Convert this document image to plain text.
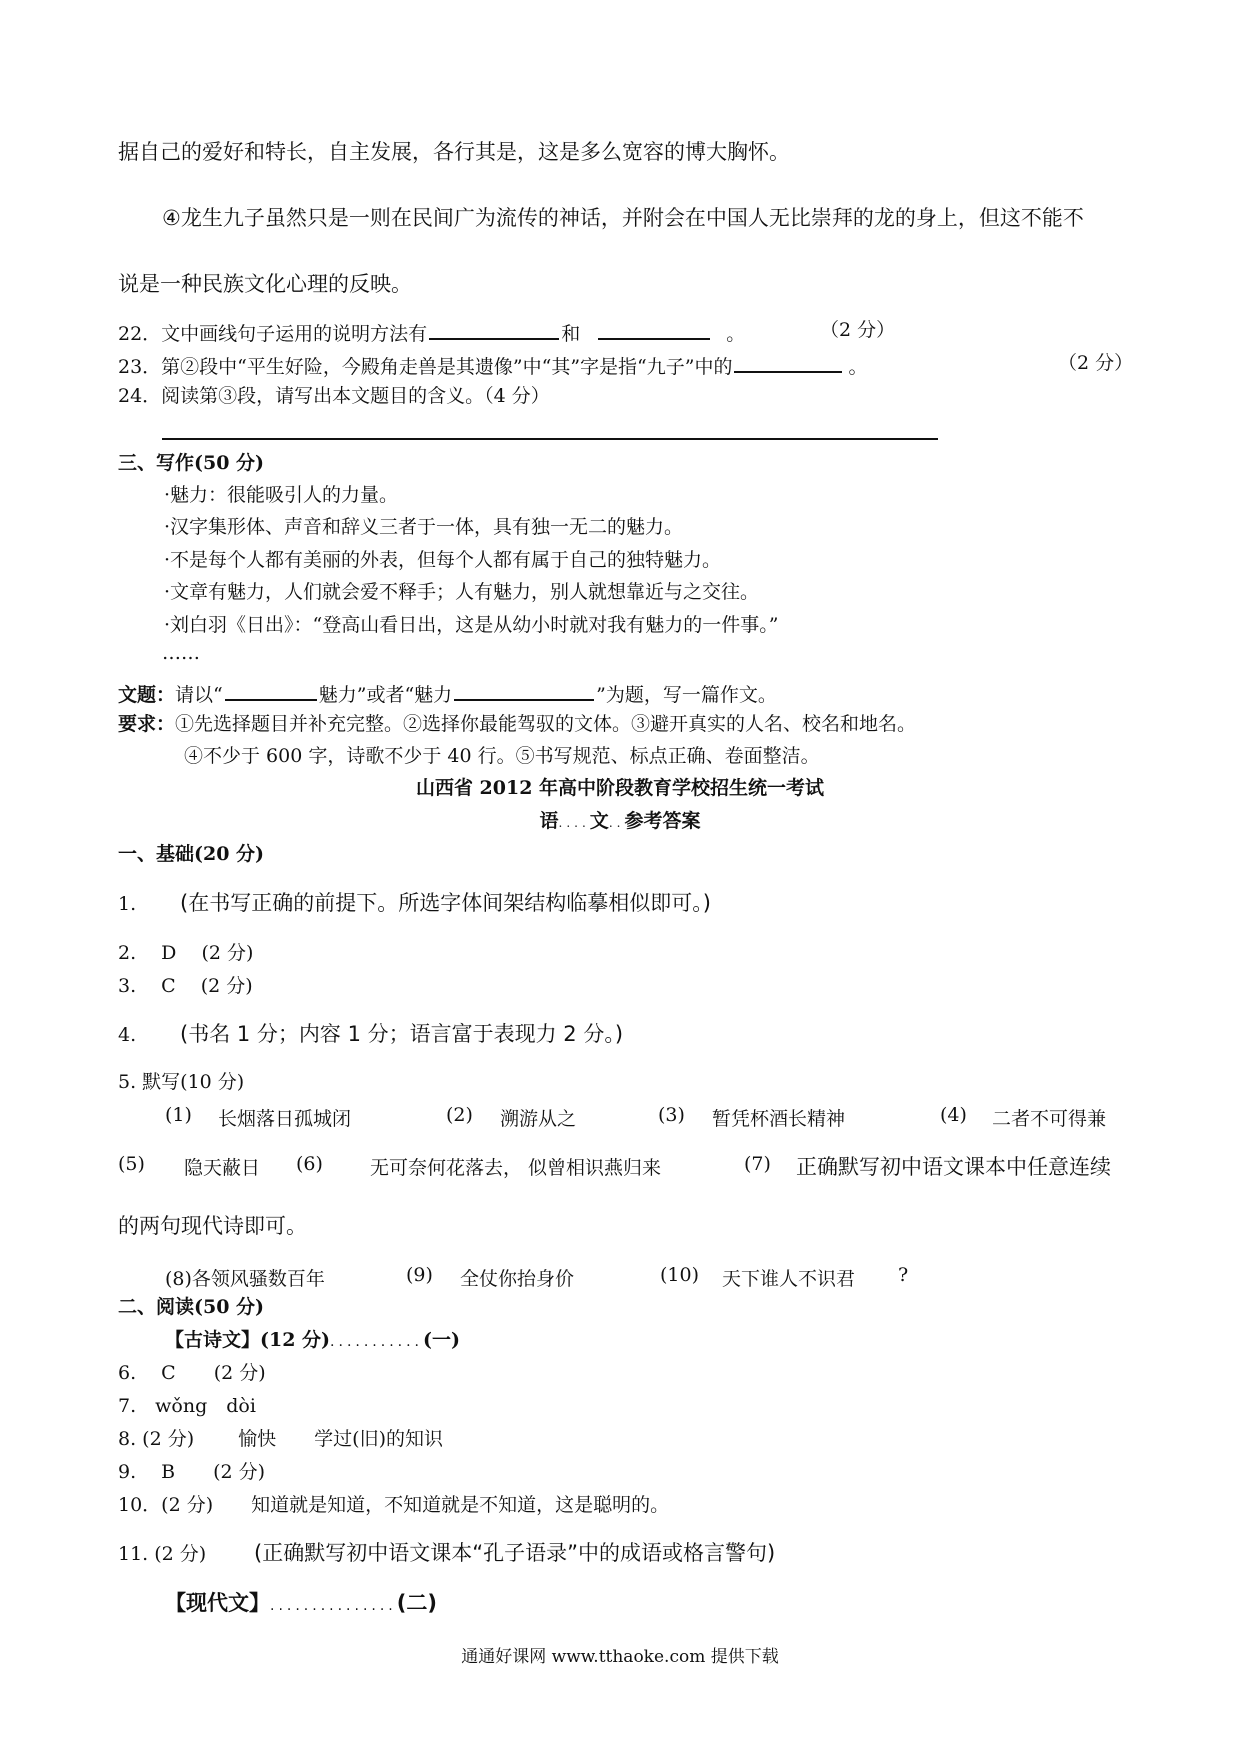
据自己的爱好和特长，自主发展，各行其是，这是多么宽容的博大胸怀。
④龙生九子虽然只是一则在民间广为流传的神话，并附会在中国人无比崇拜的龙的身上，但这不能不
说是一种民族文化心理的反映。
22．文中画线句子运用的说明方法有	和	。	（2 分）
23．第②段中“平生好险，今殿角走兽是其遗像”中“其”字是指“九子”中的	。	（2 分）
24．阅读第③段，请写出本文题目的含义。（4 分）
三、写作(50 分)
·魅力：很能吸引人的力量。
·汉字集形体、声音和辞义三者于一体，具有独一无二的魅力。
·不是每个人都有美丽的外表，但每个人都有属于自己的独特魅力。
·文章有魅力，人们就会爱不释手；人有魅力，别人就想靠近与之交往。
·刘白羽《日出》：“登高山看日出，这是从幼小时就对我有魅力的一件事。”
……
文题：请以“	魅力”或者“魅力	”为题，写一篇作文。
要求：①先选择题目并补充完整。②选择你最能驾驭的文体。③避开真实的人名、校名和地名。
④不少于 600 字，诗歌不少于 40 行。⑤书写规范、标点正确、卷面整洁。
山西省 2012 年高中阶段教育学校招生统一考试
语....文..参考答案
一、基础(20 分)
1. (在书写正确的前提下。所选字体间架结构临摹相似即可。)
2.　 D　 (2 分)
3.　 C　 (2 分)
4. (书名 1 分；内容 1 分；语言富于表现力 2 分。)
5. 默写(10 分)
(1) 长烟落日孤城闭	(2) 溯游从之	(3) 暂凭杯酒长精神	(4) 二者不可得兼
(5) 隐天蔽日 (6) 无可奈何花落去， 似曾相识燕归来	(7) 正确默写初中语文课本中任意连续
的两句现代诗即可。
(8)各领风骚数百年	(9) 全仗你抬身价	(10) 天下谁人不识君 ?
二、阅读(50 分)
【古诗文】(12 分)...........(一)
6.　 C　　(2 分)
7.　wǒng　dòi
8. (2 分)　　 愉快　　学过(旧)的知识
9.　 B　　(2 分)
10．(2 分)　　知道就是知道，不知道就是不知道，这是聪明的。
11. (2 分) (正确默写初中语文课本“孔子语录”中的成语或格言警句)
【现代文】...............(二)
通通好课网 www.tthaoke.com 提供下载
